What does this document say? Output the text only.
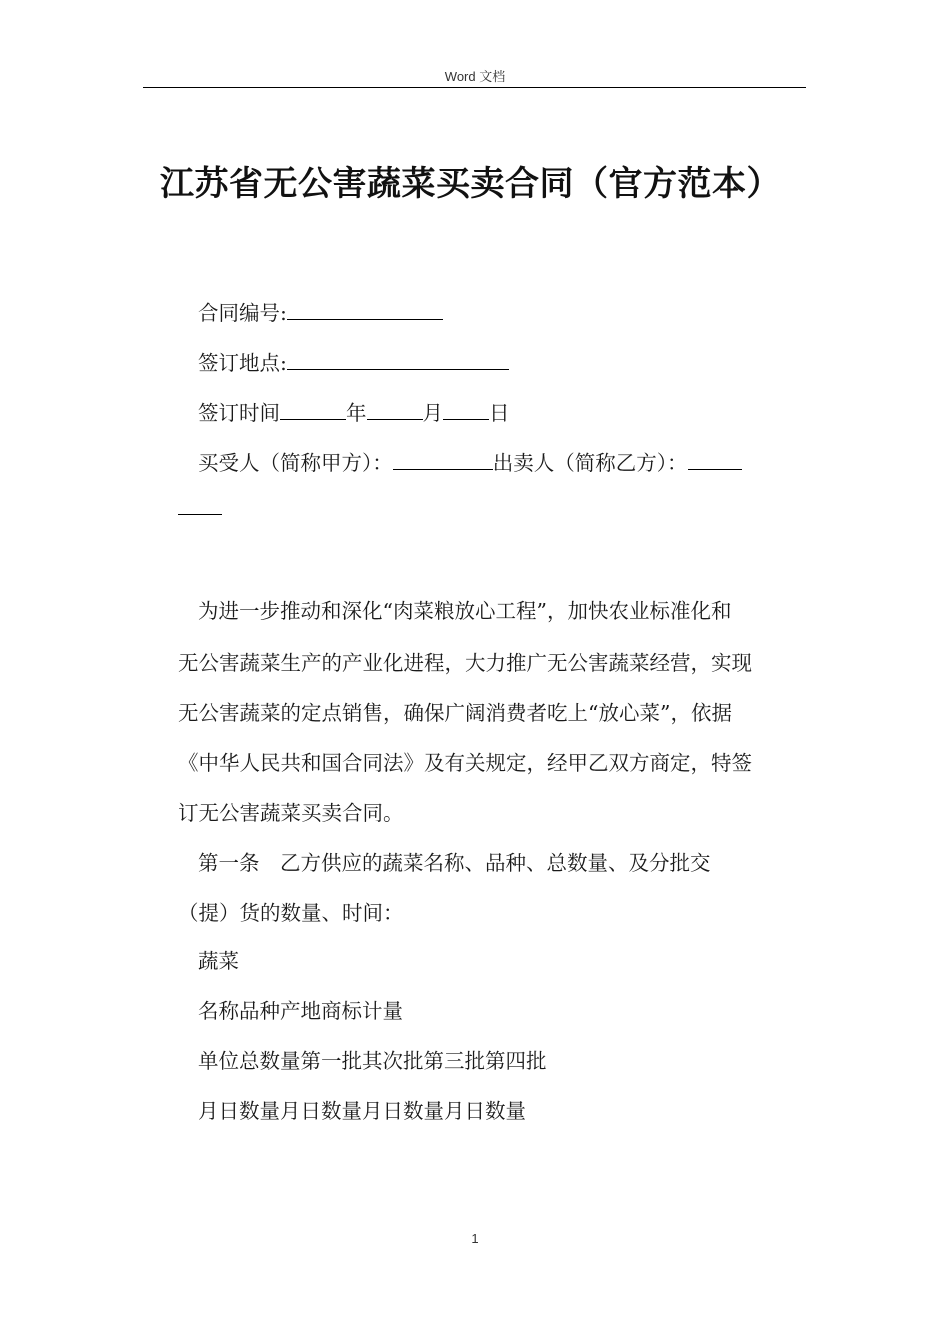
Word 文档
江苏省无公害蔬菜买卖合同（官方范本）
合同编号:
签订地点:
签订时间	年	月 日
买受人（简称甲方）：	出卖人（简称乙方）：
为进一步推动和深化“肉菜粮放心工程”，加快农业标准化和
无公害蔬菜生产的产业化进程，大力推广无公害蔬菜经营，实现
无公害蔬菜的定点销售，确保广阔消费者吃上“放心菜”，依据
《中华人民共和国合同法》及有关规定，经甲乙双方商定，特签
订无公害蔬菜买卖合同。
第一条　乙方供应的蔬菜名称、品种、总数量、及分批交
（提）货的数量、时间：
蔬菜
名称品种产地商标计量
单位总数量第一批其次批第三批第四批
月日数量月日数量月日数量月日数量
1
